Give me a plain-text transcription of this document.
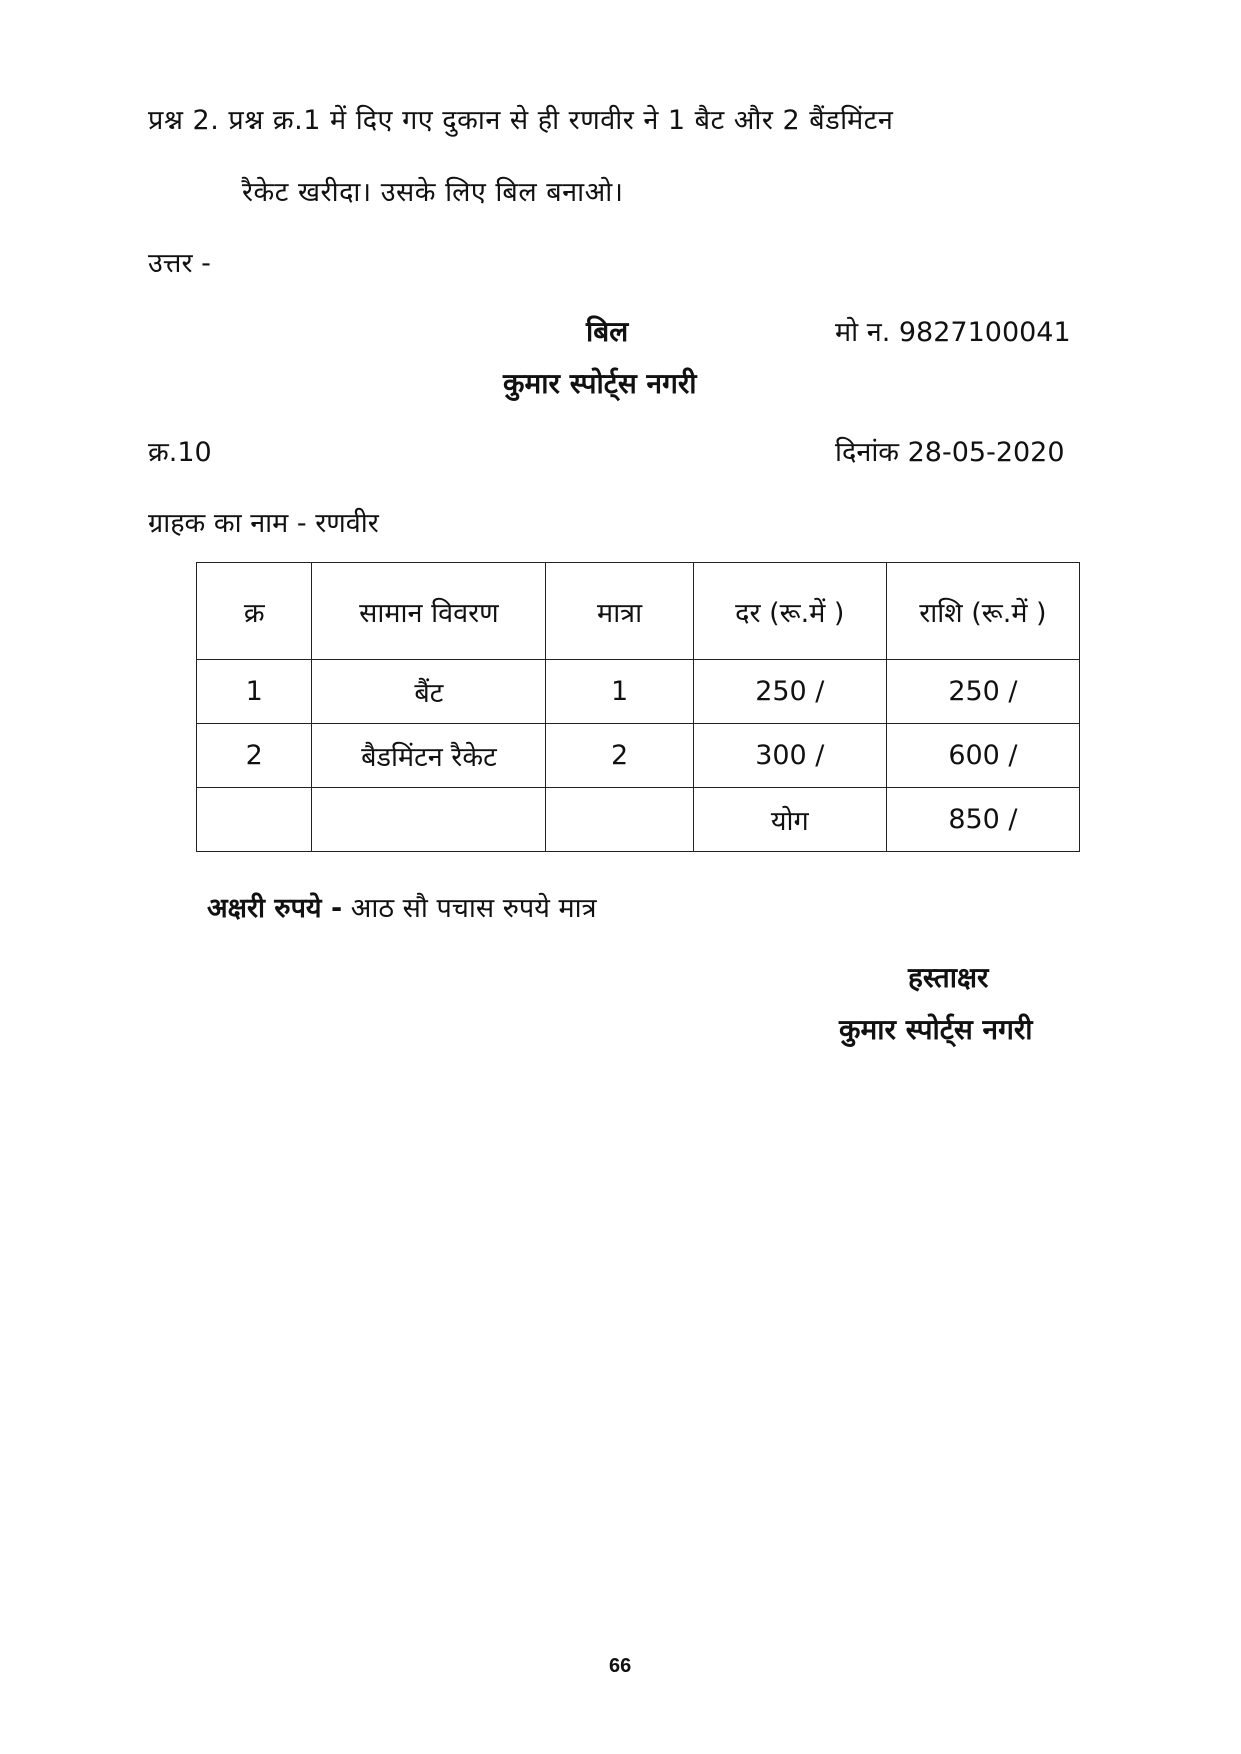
प्रश्न 2. प्रश्न क्र.1 में दिए गए दुकान से ही रणवीर ने 1 बैट और 2 बैंडमिंटन
रैकेट खरीदा। उसके लिए बिल बनाओ।
उत्तर -
बिल	मो न. 9827100041
कुमार स्पोर्ट्स नगरी
क्र.10	दिनांक 28-05-2020
ग्राहक का नाम - रणवीर
क्र	सामान विवरण	मात्रा	दर (रू.में )	राशि (रू.में )
1	बैंट	1	250 /	250 /
2	बैडमिंटन रैकेट	2	300 /	600 /
			योग	850 /
अक्षरी रुपये - आठ सौ पचास रुपये मात्र
हस्ताक्षर
कुमार स्पोर्ट्स नगरी
66
